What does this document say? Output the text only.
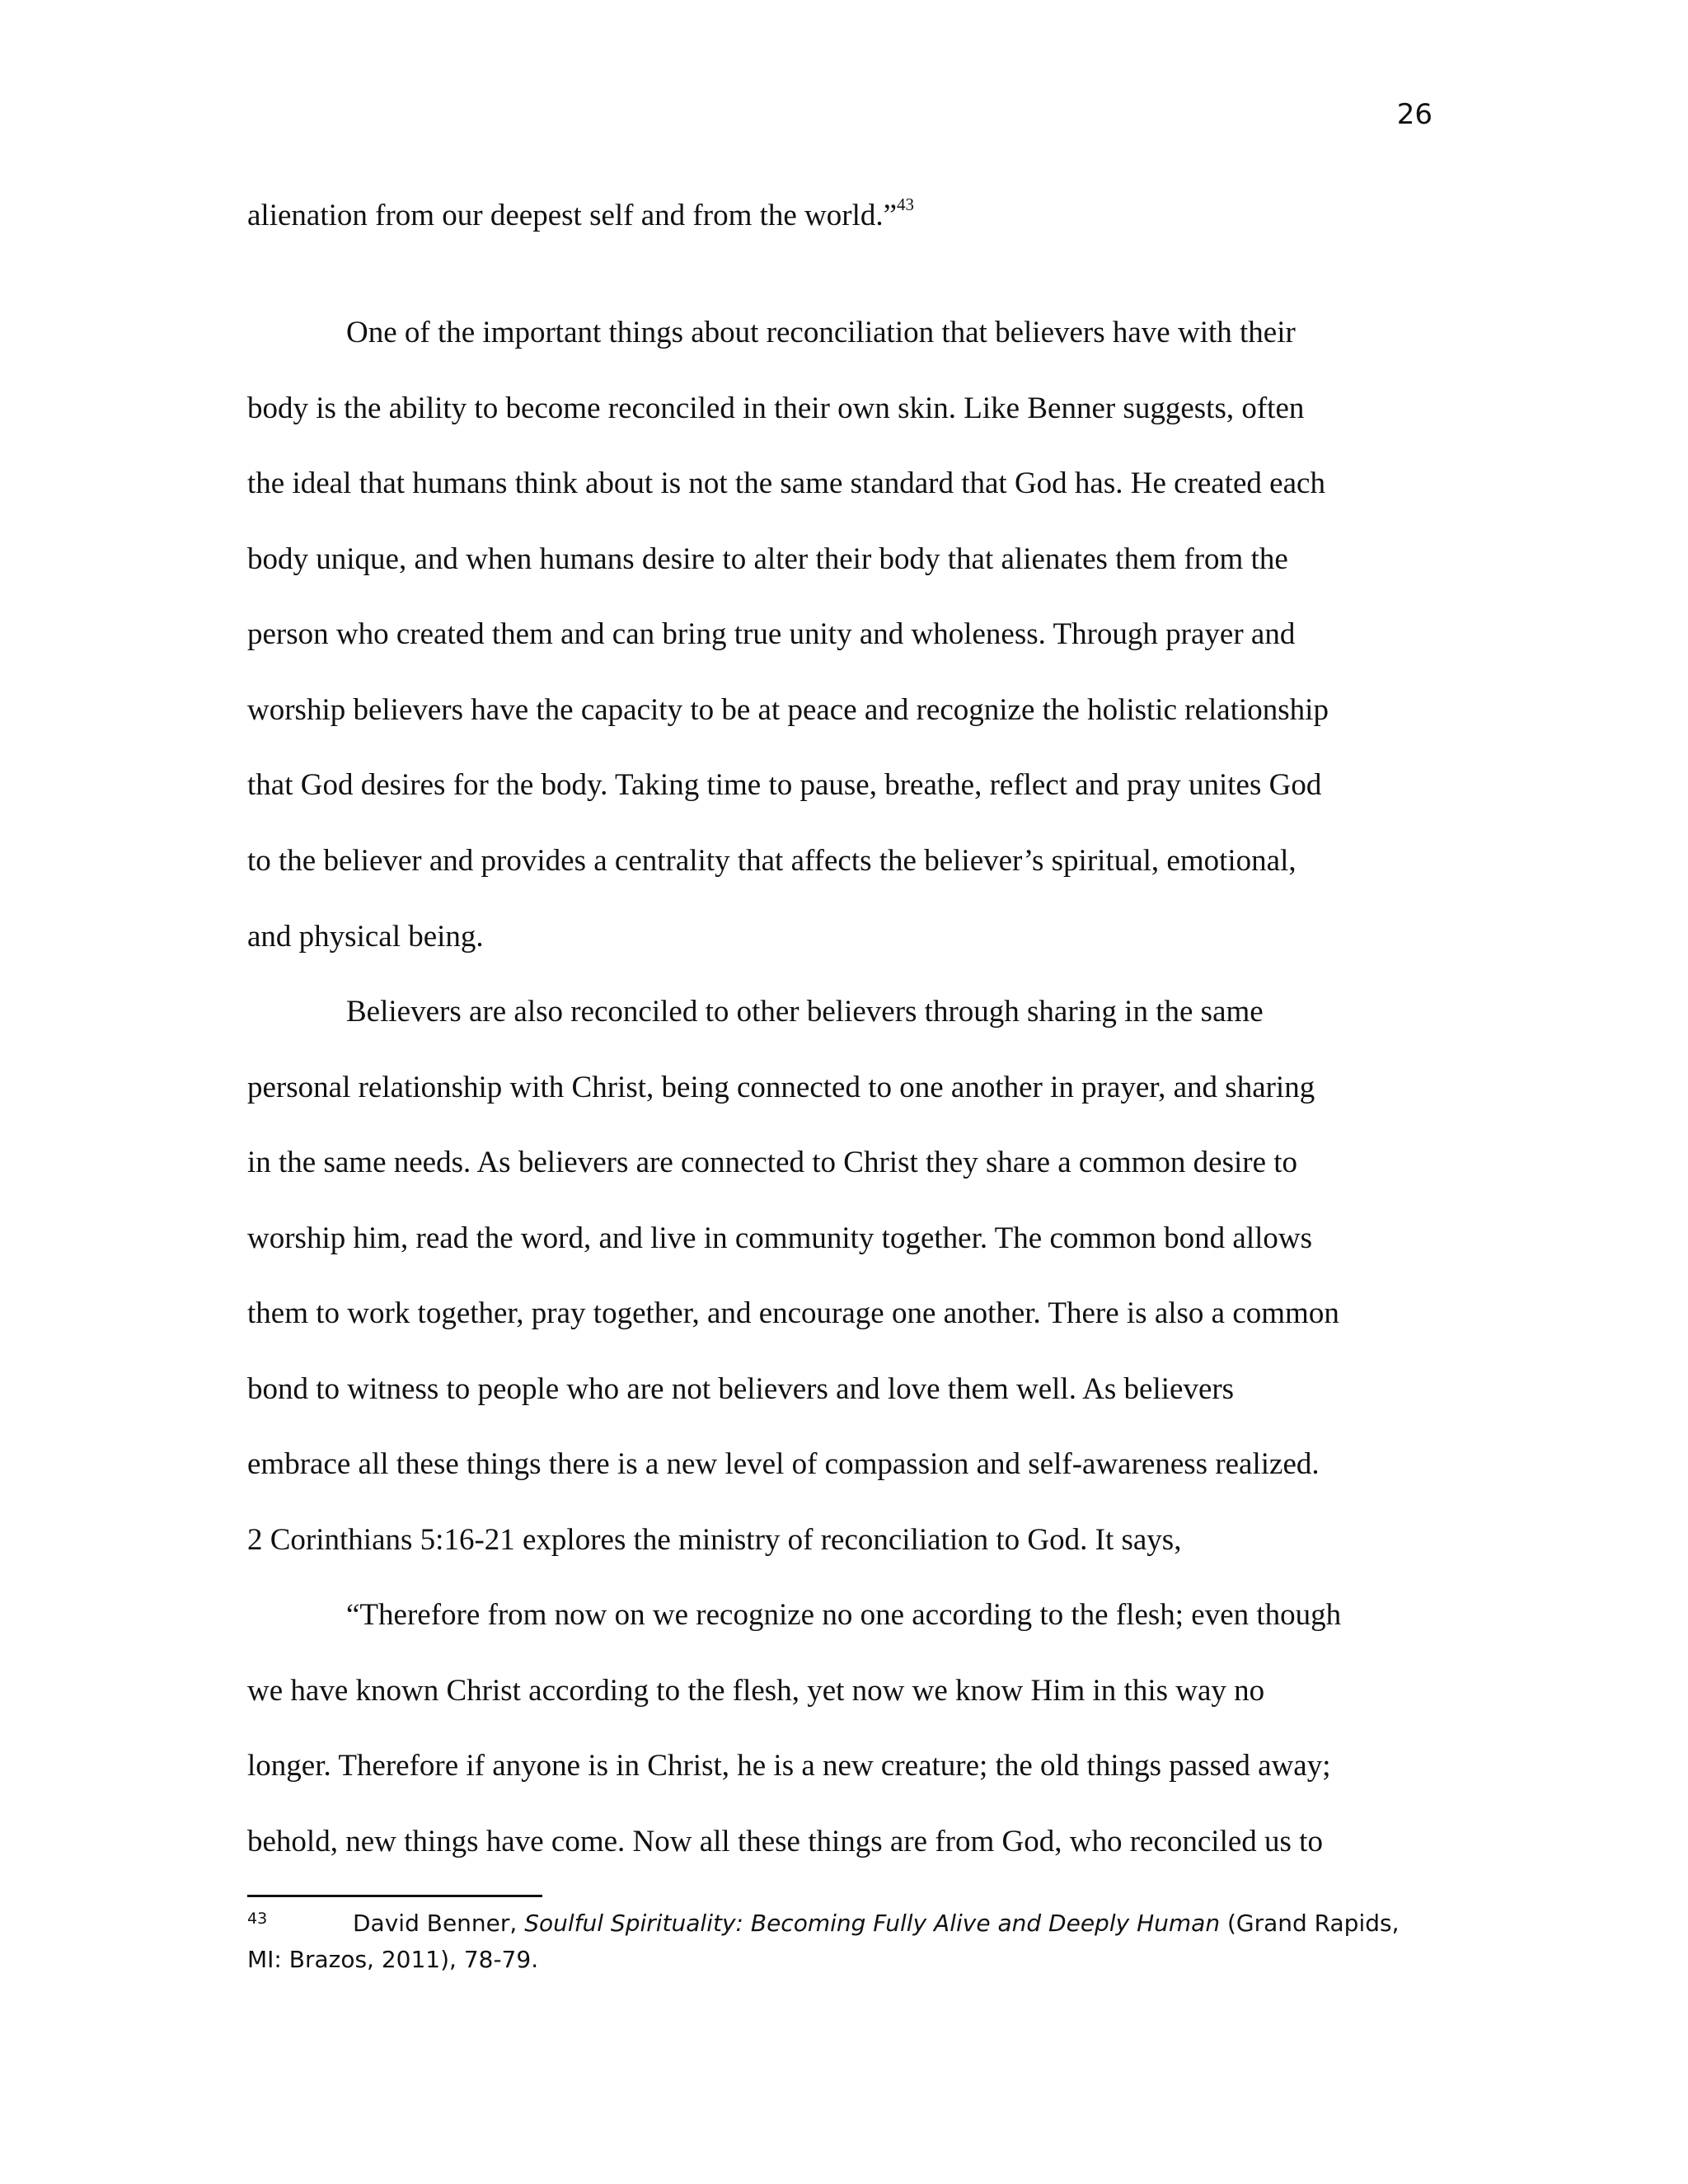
26
alienation from our deepest self and from the world.”$^{43}$
One of the important things about reconciliation that believers have with their
body is the ability to become reconciled in their own skin. Like Benner suggests, often
the ideal that humans think about is not the same standard that God has. He created each
body unique, and when humans desire to alter their body that alienates them from the
person who created them and can bring true unity and wholeness. Through prayer and
worship believers have the capacity to be at peace and recognize the holistic relationship
that God desires for the body. Taking time to pause, breathe, reflect and pray unites God
to the believer and provides a centrality that affects the believer’s spiritual, emotional,
and physical being.
Believers are also reconciled to other believers through sharing in the same
personal relationship with Christ, being connected to one another in prayer, and sharing
in the same needs. As believers are connected to Christ they share a common desire to
worship him, read the word, and live in community together. The common bond allows
them to work together, pray together, and encourage one another. There is also a common
bond to witness to people who are not believers and love them well. As believers
embrace all these things there is a new level of compassion and self-awareness realized.
2 Corinthians 5:16-21 explores the ministry of reconciliation to God. It says,
“Therefore from now on we recognize no one according to the flesh; even though
we have known Christ according to the flesh, yet now we know Him in this way no
longer. Therefore if anyone is in Christ, he is a new creature; the old things passed away;
behold, new things have come. Now all these things are from God, who reconciled us to
43	David Benner, Soulful Spirituality: Becoming Fully Alive and Deeply Human (Grand Rapids,
MI: Brazos, 2011), 78-79.
